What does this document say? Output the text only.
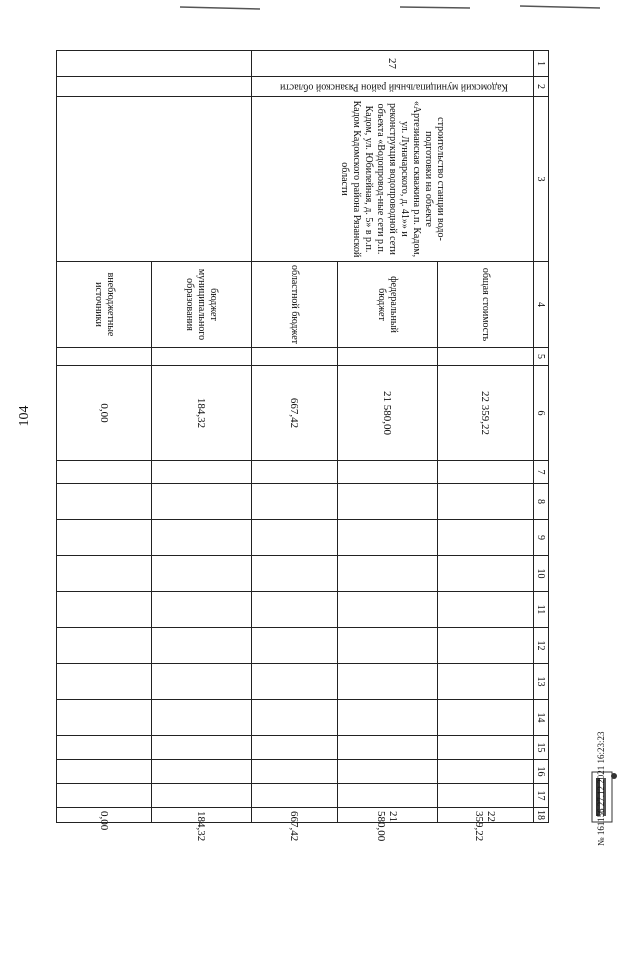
104
1	2	3	4	5	6	7	8	9	10	11	12	13	14	15	16	17	18
27	Кадомский муниципальный район Рязанской области	строительство станции водо-подготовки на объекте «Артезианская скважина р.п. Кадом, ул. Луначарского, д. 41»» и реконструкция водопроводной сети объекта «Водопровод-ные сети р.п. Кадом, ул. Юбилейная, д. 5» в р.п. Кадом Кадомского района Рязанской области	общая стоимость		22 359,22												22 359,22
			федеральный бюджет		21 580,00												21 580,00
			областной бюджет		667,42												667,42
			бюджет муниципального образования		184,32												184,32
			внебюджетные источники		0,00												0,00	№ 161156 27.12.2021 16:23:23
